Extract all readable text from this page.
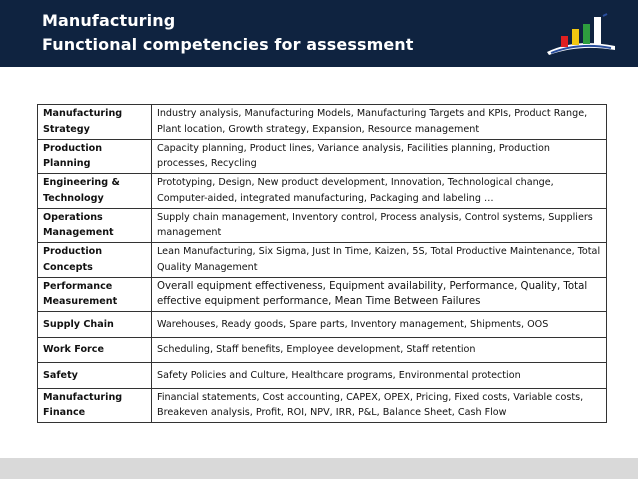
Manufacturing
Functional competencies for assessment
Manufacturing Strategy	Industry analysis, Manufacturing Models, Manufacturing Targets and KPIs, Product Range, Plant location, Growth strategy, Expansion, Resource management
Production Planning	Capacity planning, Product lines, Variance analysis, Facilities planning, Production processes, Recycling
Engineering & Technology	Prototyping, Design, New product development, Innovation, Technological change, Computer-aided, integrated manufacturing, Packaging and labeling …
Operations Management	Supply chain management, Inventory control, Process analysis, Control systems, Suppliers management
Production Concepts	Lean Manufacturing, Six Sigma, Just In Time, Kaizen, 5S, Total Productive Maintenance, Total Quality Management
Performance Measurement	Overall equipment effectiveness, Equipment availability, Performance, Quality, Total effective equipment performance, Mean Time Between Failures
Supply Chain	Warehouses, Ready goods, Spare parts, Inventory management, Shipments, OOS
Work Force	Scheduling, Staff benefits, Employee development, Staff retention
Safety	Safety Policies and Culture, Healthcare programs, Environmental protection
Manufacturing Finance	Financial statements, Cost accounting, CAPEX, OPEX, Pricing, Fixed costs, Variable costs, Breakeven analysis, Profit, ROI, NPV, IRR, P&L, Balance Sheet, Cash Flow
